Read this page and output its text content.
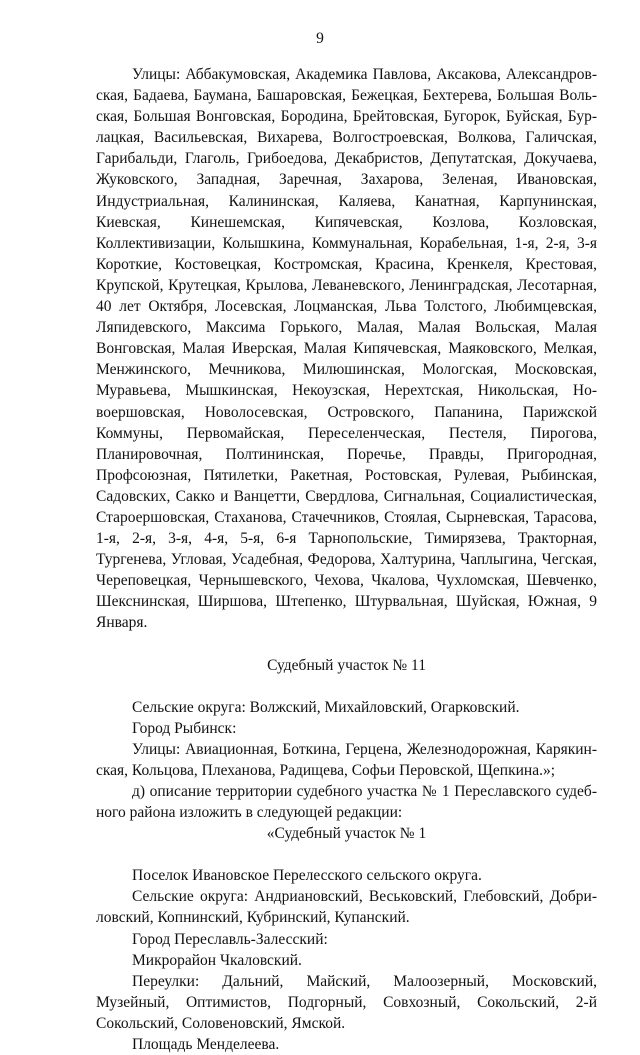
9

Улицы: Аббакумовская, Академика Павлова, Аксакова, Александровская, Бадаева, Баумана, Башаровская, Бежецкая, Бехтерева, Большая Вольская, Большая Вонговская, Бородина, Брейтовская, Бугорок, Буйская, Бурлацкая, Васильевская, Вихарева, Волгостроевская, Волкова, Галичская, Гарибальди, Глаголь, Грибоедова, Декабристов, Депутатская, Докучаева, Жуковского, Западная, Заречная, Захарова, Зеленая, Ивановская, Индустриальная, Калининская, Каляева, Канатная, Карпунинская, Киевская, Кинешемская, Кипячевская, Козлова, Козловская, Коллективизации, Колышкина, Коммунальная, Корабельная, 1-я, 2-я, 3-я Короткие, Костовецкая, Костромская, Красина, Кренкеля, Крестовая, Крупской, Крутецкая, Крылова, Леваневского, Ленинградская, Лесотарная, 40 лет Октября, Лосевская, Лоцманская, Льва Толстого, Любимцевская, Ляпидевского, Максима Горького, Малая, Малая Вольская, Малая Вонговская, Малая Иверская, Малая Кипячевская, Маяковского, Мелкая, Менжинского, Мечникова, Милюшинская, Мологская, Московская, Муравьева, Мышкинская, Некоузская, Нерехтская, Никольская, Новоершовская, Новолосевская, Островского, Папанина, Парижской Коммуны, Первомайская, Переселенческая, Пестеля, Пирогова, Планировочная, Полтининская, Поречье, Правды, Пригородная, Профсоюзная, Пятилетки, Ракетная, Ростовская, Рулевая, Рыбинская, Садовских, Сакко и Ванцетти, Свердлова, Сигнальная, Социалистическая, Староершовская, Стаханова, Стачечников, Стоялая, Сырневская, Тарасова, 1-я, 2-я, 3-я, 4-я, 5-я, 6-я Тарнопольские, Тимирязева, Тракторная, Тургенева, Угловая, Усадебная, Федорова, Халтурина, Чаплыгина, Чегская, Череповецкая, Чернышевского, Чехова, Чкалова, Чухломская, Шевченко, Шекснинская, Ширшова, Штепенко, Штурвальная, Шуйская, Южная, 9 Января.

Судебный участок № 11

Сельские округа: Волжский, Михайловский, Огарковский.

Город Рыбинск:

Улицы: Авиационная, Боткина, Герцена, Железнодорожная, Карякинская, Кольцова, Плеханова, Радищева, Софьи Перовской, Щепкина.»;

д) описание территории судебного участка № 1 Переславского судебного района изложить в следующей редакции:

«Судебный участок № 1

Поселок Ивановское Перелесского сельского округа.

Сельские округа: Андриановский, Веськовский, Глебовский, Добриловский, Копнинский, Кубринский, Купанский.

Город Переславль-Залесский:

Микрорайон Чкаловский.

Переулки: Дальний, Майский, Малоозерный, Московский, Музейный, Оптимистов, Подгорный, Совхозный, Сокольский, 2-й Сокольский, Соловеновский, Ямской.

Площадь Менделеева.
